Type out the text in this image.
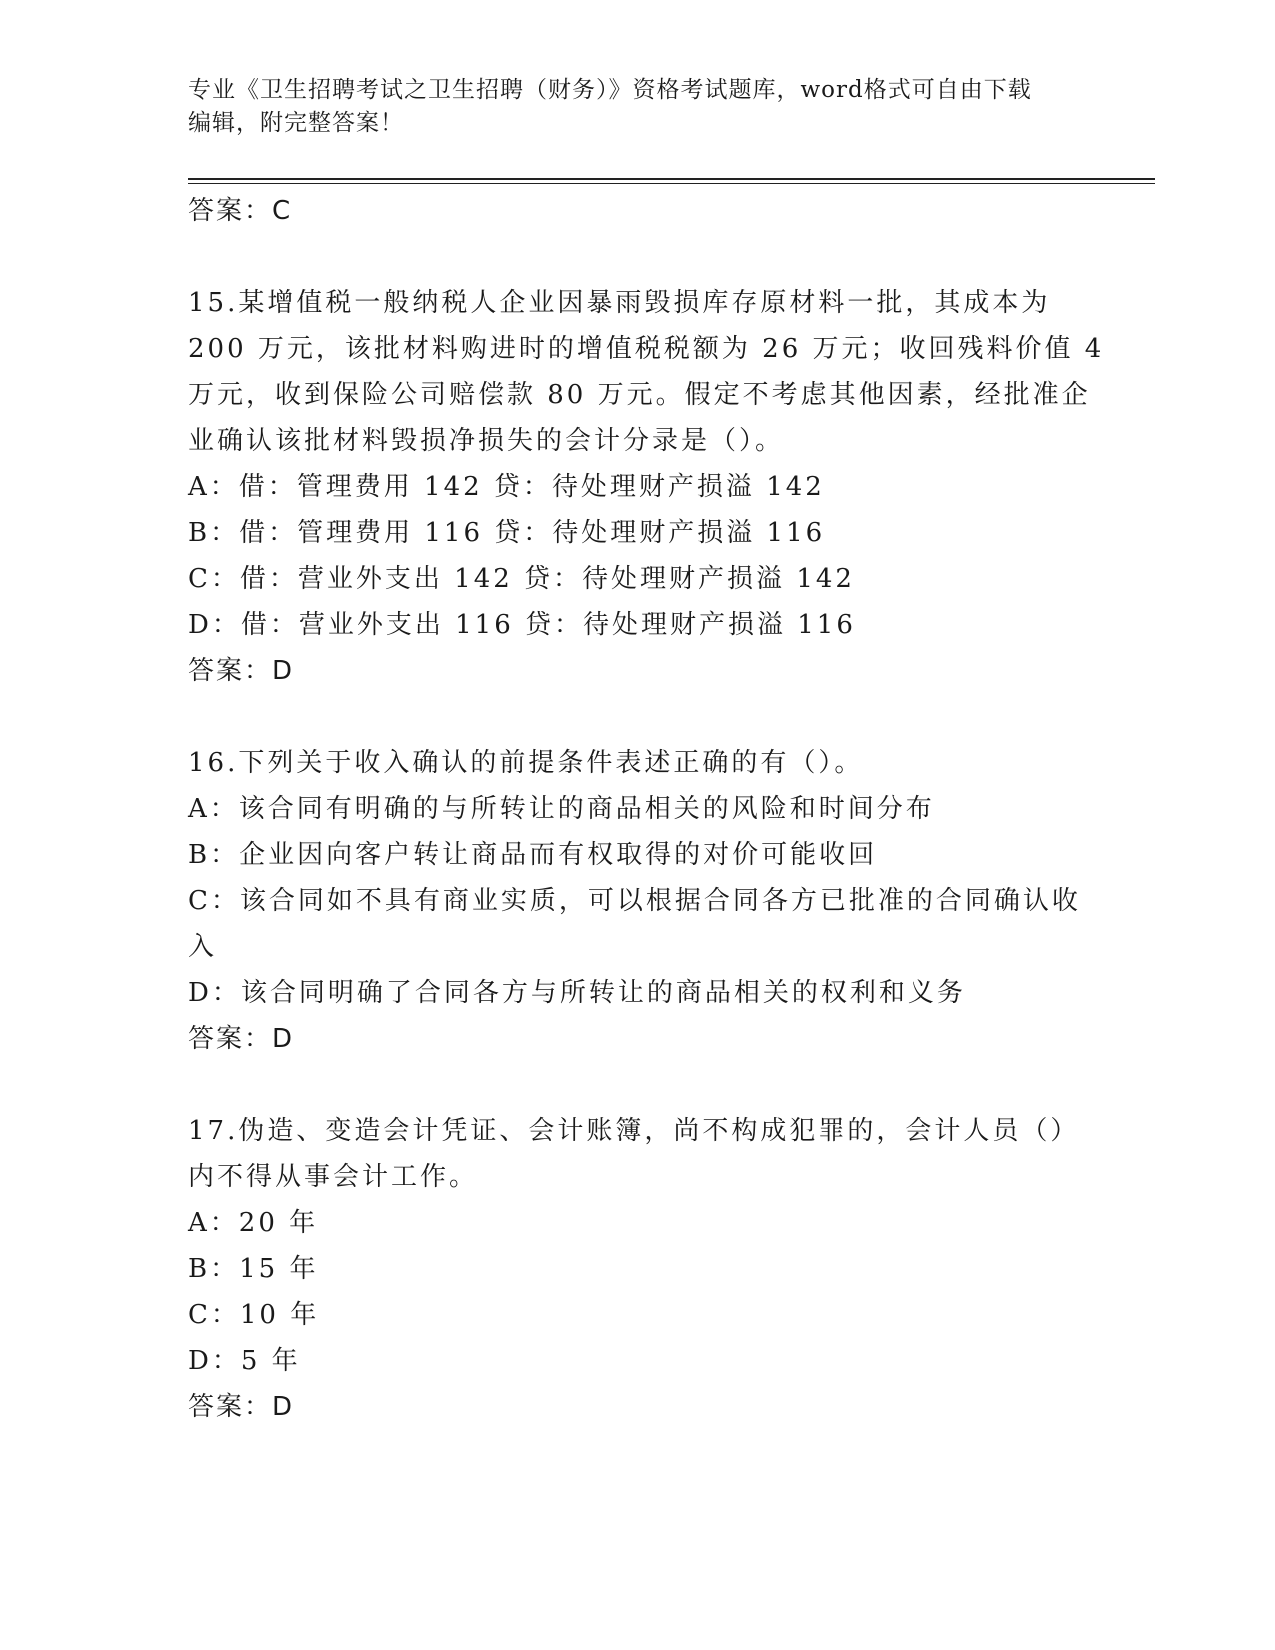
专业《卫生招聘考试之卫生招聘（财务）》资格考试题库，word格式可自由下载
编辑，附完整答案！
答案：C
15.某增值税一般纳税人企业因暴雨毁损库存原材料一批，其成本为
200 万元，该批材料购进时的增值税税额为 26 万元；收回残料价值 4
万元，收到保险公司赔偿款 80 万元。假定不考虑其他因素，经批准企
业确认该批材料毁损净损失的会计分录是（）。
A：借：管理费用 142 贷：待处理财产损溢 142
B：借：管理费用 116 贷：待处理财产损溢 116
C：借：营业外支出 142 贷：待处理财产损溢 142
D：借：营业外支出 116 贷：待处理财产损溢 116
答案：D
16.下列关于收入确认的前提条件表述正确的有（）。
A：该合同有明确的与所转让的商品相关的风险和时间分布
B：企业因向客户转让商品而有权取得的对价可能收回
C：该合同如不具有商业实质，可以根据合同各方已批准的合同确认收
入
D：该合同明确了合同各方与所转让的商品相关的权利和义务
答案：D
17.伪造、变造会计凭证、会计账簿，尚不构成犯罪的，会计人员（）
内不得从事会计工作。
A：20 年
B：15 年
C：10 年
D：5 年
答案：D
